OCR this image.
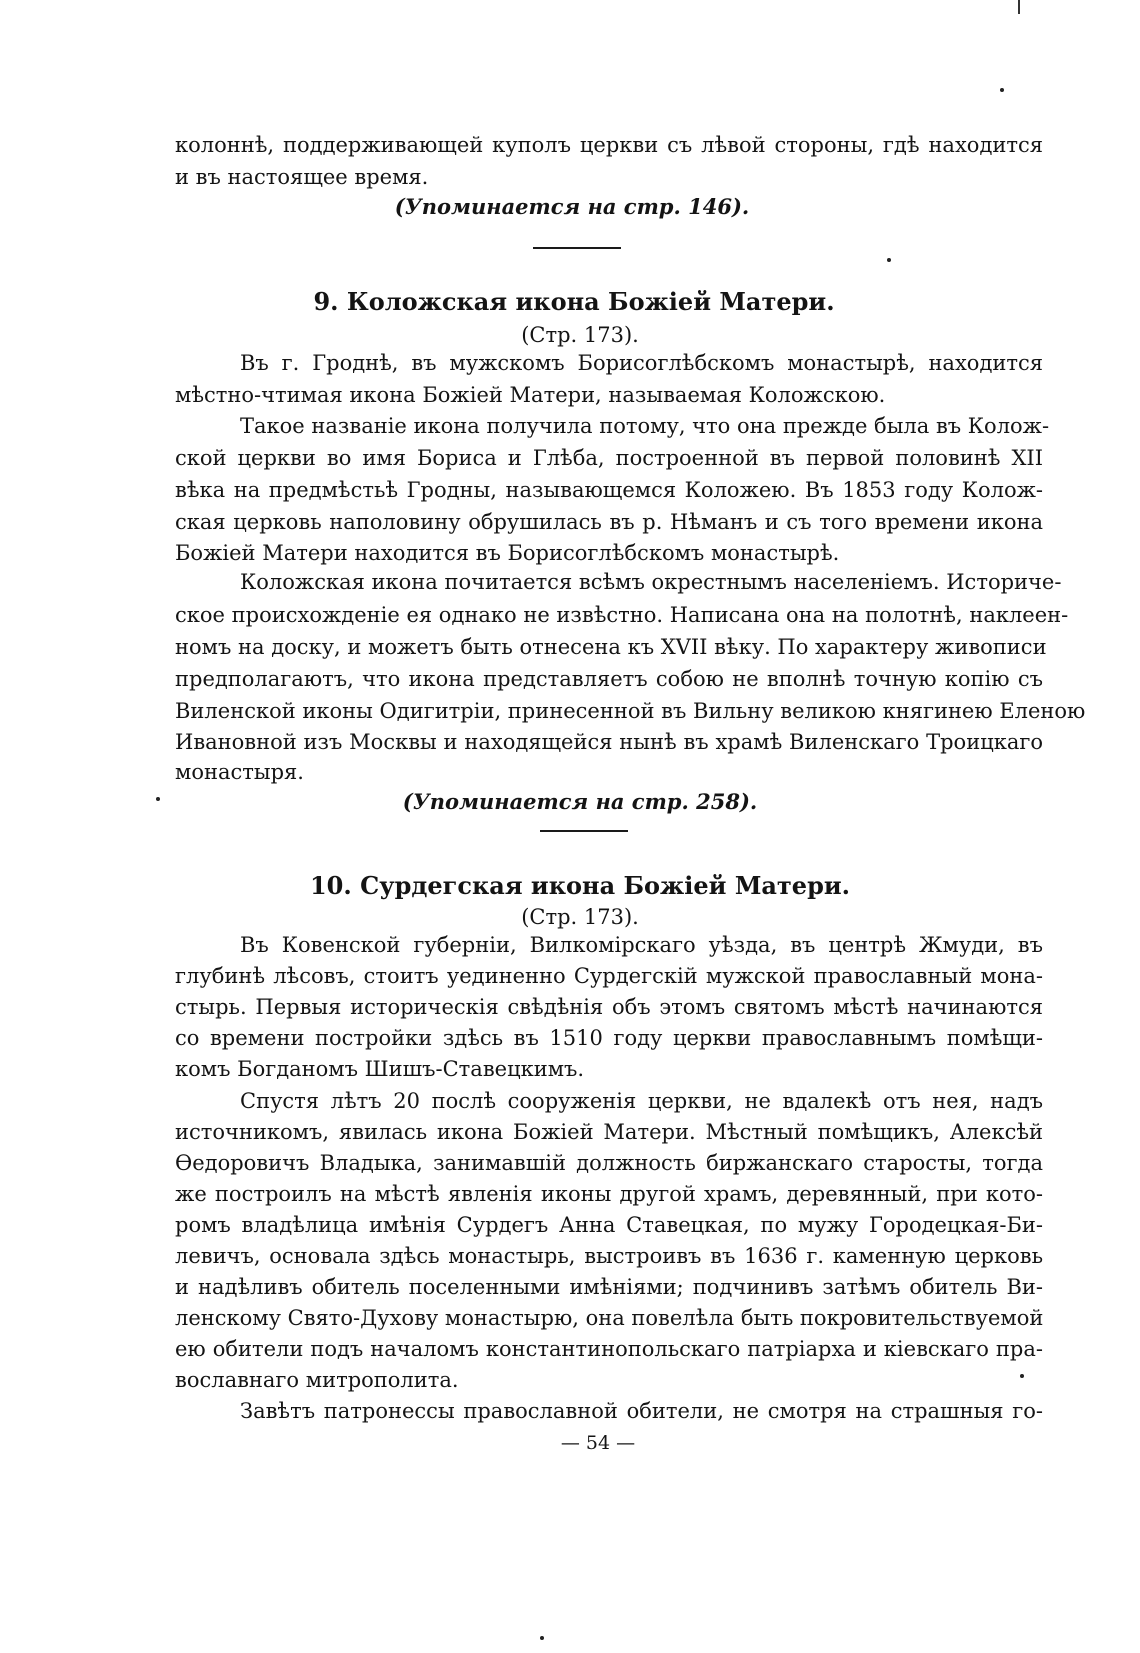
колоннѣ, поддерживающей куполъ церкви съ лѣвой стороны, гдѣ находится

и въ настоящее время.

(Упоминается на стр. 146).

9. Коложская икона Божіей Матери.

(Стр. 173).

Въ г. Гроднѣ, въ мужскомъ Борисоглѣбскомъ монастырѣ, находится

мѣстно-чтимая икона Божіей Матери, называемая Коложскою.

Такое названіе икона получила потому, что она прежде была въ Колож-

ской церкви во имя Бориса и Глѣба, построенной въ первой половинѣ XII

вѣка на предмѣстьѣ Гродны, называющемся Коложею. Въ 1853 году Колож-

ская церковь наполовину обрушилась въ р. Нѣманъ и съ того времени икона

Божіей Матери находится въ Борисоглѣбскомъ монастырѣ.

Коложская икона почитается всѣмъ окрестнымъ населеніемъ. Историче-

ское происхожденіе ея однако не извѣстно. Написана она на полотнѣ, наклеен-

номъ на доску, и можетъ быть отнесена къ XVII вѣку. По характеру живописи

предполагаютъ, что икона представляетъ собою не вполнѣ точную копію съ

Виленской иконы Одигитріи, принесенной въ Вильну великою княгинею Еленою

Ивановной изъ Москвы и находящейся нынѣ въ храмѣ Виленскаго Троицкаго

монастыря.

(Упоминается на стр. 258).

10. Сурдегская икона Божіей Матери.

(Стр. 173).

Въ Ковенской губерніи, Вилкомірскаго уѣзда, въ центрѣ Жмуди, въ

глубинѣ лѣсовъ, стоитъ уединенно Сурдегскій мужской православный мона-

стырь. Первыя историческія свѣдѣнія объ этомъ святомъ мѣстѣ начинаются

со времени постройки здѣсь въ 1510 году церкви православнымъ помѣщи-

комъ Богданомъ Шишъ-Ставецкимъ.

Спустя лѣтъ 20 послѣ сооруженія церкви, не вдалекѣ отъ нея, надъ

источникомъ, явилась икона Божіей Матери. Мѣстный помѣщикъ, Алексѣй

Ѳедоровичъ Владыка, занимавшій должность биржанскаго старосты, тогда

же построилъ на мѣстѣ явленія иконы другой храмъ, деревянный, при кото-

ромъ владѣлица имѣнія Сурдегъ Анна Ставецкая, по мужу Городецкая-Би-

левичъ, основала здѣсь монастырь, выстроивъ въ 1636 г. каменную церковь

и надѣливъ обитель поселенными имѣніями; подчинивъ затѣмъ обитель Ви-

ленскому Свято-Духову монастырю, она повелѣла быть покровительствуемой

ею обители подъ началомъ константинопольскаго патріарха и кіевскаго пра-

вославнаго митрополита.

Завѣтъ патронессы православной обители, не смотря на страшныя го-

— 54 —
